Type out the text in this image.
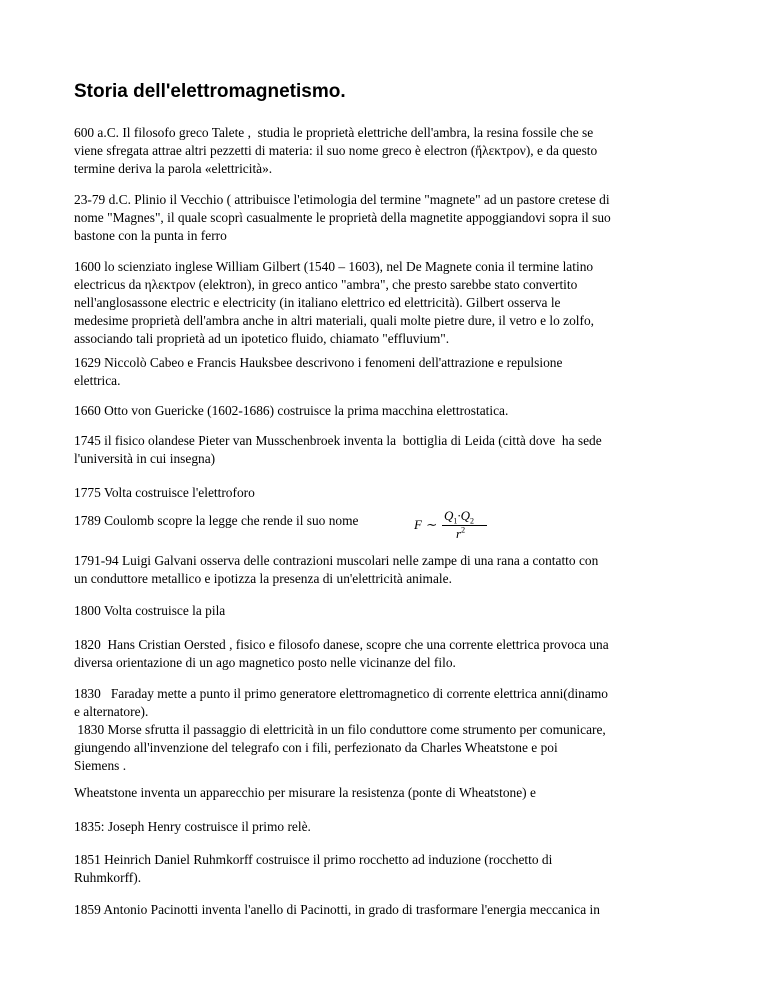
Storia dell'elettromagnetismo.

600 a.C. Il filosofo greco Talete ,  studia le proprietà elettriche dell'ambra, la resina fossile che se
viene sfregata attrae altri pezzetti di materia: il suo nome greco è electron (ἤλεκτρον), e da questo
termine deriva la parola «elettricità».

23-79 d.C. Plinio il Vecchio ( attribuisce l'etimologia del termine "magnete" ad un pastore cretese di
nome "Magnes", il quale scoprì casualmente le proprietà della magnetite appoggiandovi sopra il suo
bastone con la punta in ferro

1600 lo scienziato inglese William Gilbert (1540 – 1603), nel De Magnete conia il termine latino
electricus da ηλεκτρον (elektron), in greco antico "ambra", che presto sarebbe stato convertito
nell'anglosassone electric e electricity (in italiano elettrico ed elettricità). Gilbert osserva le
medesime proprietà dell'ambra anche in altri materiali, quali molte pietre dure, il vetro e lo zolfo,
associando tali proprietà ad un ipotetico fluido, chiamato "effluvium".

1629 Niccolò Cabeo e Francis Hauksbee descrivono i fenomeni dell'attrazione e repulsione
elettrica.

1660 Otto von Guericke (1602-1686) costruisce la prima macchina elettrostatica.

1745 il fisico olandese Pieter van Musschenbroek inventa la  bottiglia di Leida (città dove  ha sede
l'università in cui insegna)

1775 Volta costruisce l'elettroforo

1789 Coulomb scopre la legge che rende il suo nome	F ∼
$Q_1\cdot Q_2$
$r^2$

1791-94 Luigi Galvani osserva delle contrazioni muscolari nelle zampe di una rana a contatto con
un conduttore metallico e ipotizza la presenza di un'elettricità animale.

1800 Volta costruisce la pila

1820  Hans Cristian Oersted , fisico e filosofo danese, scopre che una corrente elettrica provoca una
diversa orientazione di un ago magnetico posto nelle vicinanze del filo.

1830   Faraday mette a punto il primo generatore elettromagnetico di corrente elettrica anni(dinamo
e alternatore).
1830 Morse sfrutta il passaggio di elettricità in un filo conduttore come strumento per comunicare,
giungendo all'invenzione del telegrafo con i fili, perfezionato da Charles Wheatstone e poi
Siemens .

Wheatstone inventa un apparecchio per misurare la resistenza (ponte di Wheatstone) e

1835: Joseph Henry costruisce il primo relè.

1851 Heinrich Daniel Ruhmkorff costruisce il primo rocchetto ad induzione (rocchetto di
Ruhmkorff).

1859 Antonio Pacinotti inventa l'anello di Pacinotti, in grado di trasformare l'energia meccanica in
